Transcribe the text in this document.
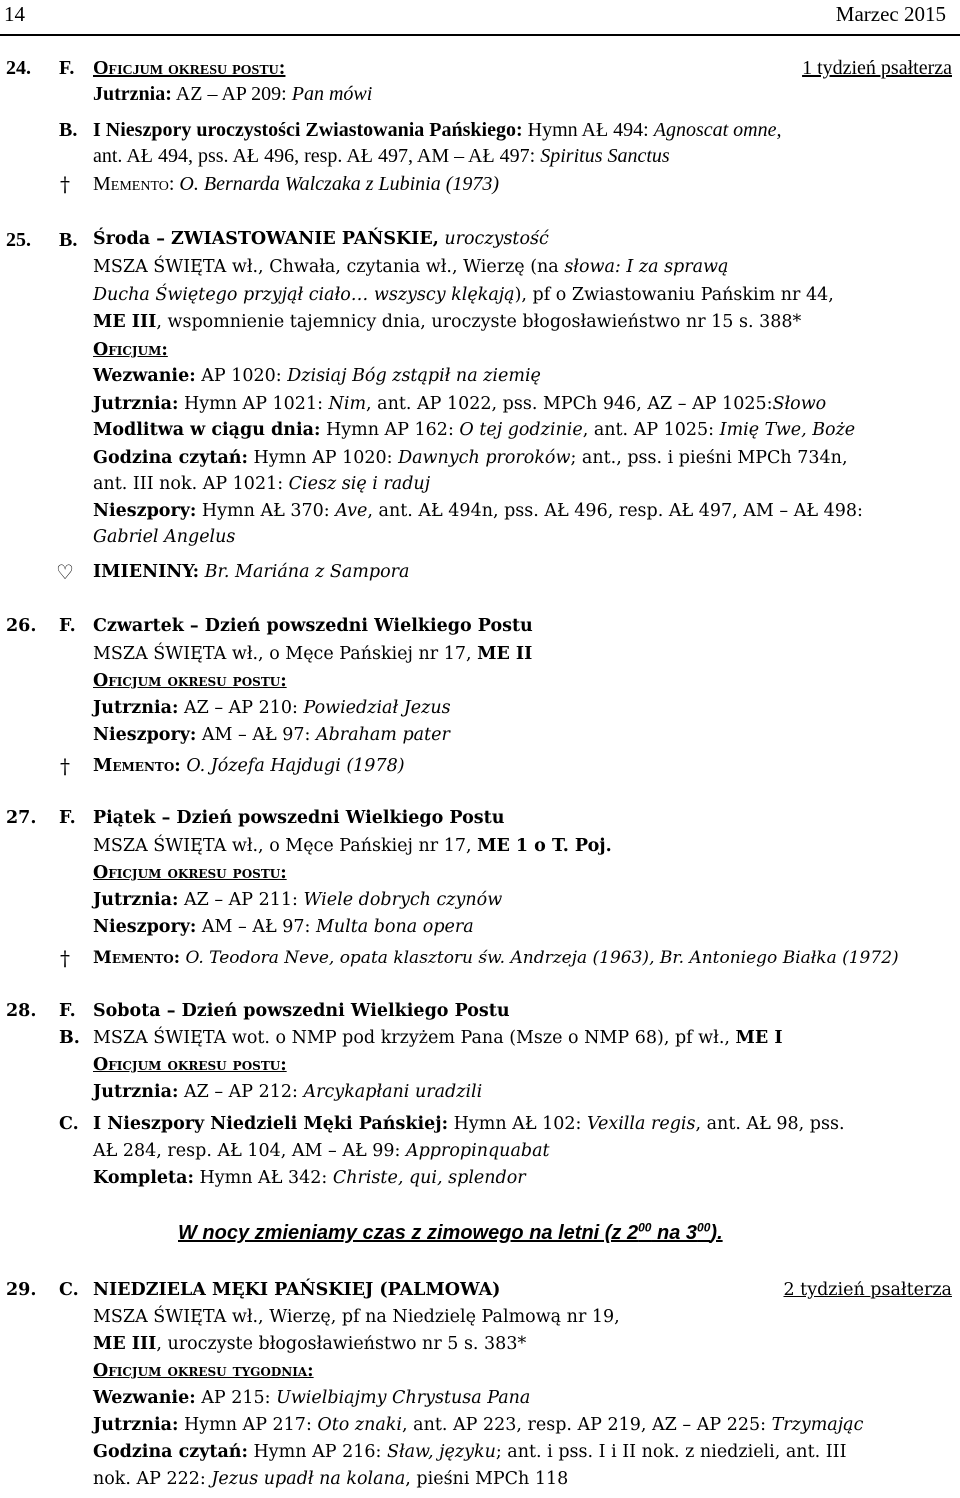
14	Marzec 2015
24. F. Oficjum okresu postu:	1 tydzień psałterza
Jutrznia: AZ – AP 209: Pan mówi
B. I Nieszpory uroczystości Zwiastowania Pańskiego: Hymn AŁ 494: Agnoscat omne,
ant. AŁ 494, pss. AŁ 496, resp. AŁ 497, AM – AŁ 497: Spiritus Sanctus
† Memento: O. Bernarda Walczaka z Lubinia (1973)
25. B. Środa – ZWIASTOWANIE PAŃSKIE, uroczystość
MSZA ŚWIĘTA wł., Chwała, czytania wł., Wierzę (na słowa: I za sprawą
Ducha Świętego przyjął ciało… wszyscy klękają), pf o Zwiastowaniu Pańskim nr 44,
ME III, wspomnienie tajemnicy dnia, uroczyste błogosławieństwo nr 15 s. 388*
Oficjum:
Wezwanie: AP 1020: Dzisiaj Bóg zstąpił na ziemię
Jutrznia: Hymn AP 1021: Nim, ant. AP 1022, pss. MPCh 946, AZ – AP 1025:Słowo
Modlitwa w ciągu dnia: Hymn AP 162: O tej godzinie, ant. AP 1025: Imię Twe, Boże
Godzina czytań: Hymn AP 1020: Dawnych proroków; ant., pss. i pieśni MPCh 734n,
ant. III nok. AP 1021: Ciesz się i raduj
Nieszpory: Hymn AŁ 370: Ave, ant. AŁ 494n, pss. AŁ 496, resp. AŁ 497, AM – AŁ 498:
Gabriel Angelus
♡ IMIENINY: Br. Mariána z Sampora
26. F. Czwartek – Dzień powszedni Wielkiego Postu
MSZA ŚWIĘTA wł., o Męce Pańskiej nr 17, ME II
Oficjum okresu postu:
Jutrznia: AZ – AP 210: Powiedział Jezus
Nieszpory: AM – AŁ 97: Abraham pater
† Memento: O. Józefa Hajdugi (1978)
27. F. Piątek – Dzień powszedni Wielkiego Postu
MSZA ŚWIĘTA wł., o Męce Pańskiej nr 17, ME 1 o T. Poj.
Oficjum okresu postu:
Jutrznia: AZ – AP 211: Wiele dobrych czynów
Nieszpory: AM – AŁ 97: Multa bona opera
† Memento: O. Teodora Neve, opata klasztoru św. Andrzeja (1963), Br. Antoniego Białka (1972)
28. F. Sobota – Dzień powszedni Wielkiego Postu
B. MSZA ŚWIĘTA wot. o NMP pod krzyżem Pana (Msze o NMP 68), pf wł., ME I
Oficjum okresu postu:
Jutrznia: AZ – AP 212: Arcykapłani uradzili
C. I Nieszpory Niedzieli Męki Pańskiej: Hymn AŁ 102: Vexilla regis, ant. AŁ 98, pss.
AŁ 284, resp. AŁ 104, AM – AŁ 99: Appropinquabat
Kompleta: Hymn AŁ 342: Christe, qui, splendor
W nocy zmieniamy czas z zimowego na letni (z $2^{00}$ na $3^{00}$).
29. C. NIEDZIELA MĘKI PAŃSKIEJ (PALMOWA)	2 tydzień psałterza
MSZA ŚWIĘTA wł., Wierzę, pf na Niedzielę Palmową nr 19,
ME III, uroczyste błogosławieństwo nr 5 s. 383*
Oficjum okresu tygodnia:
Wezwanie: AP 215: Uwielbiajmy Chrystusa Pana
Jutrznia: Hymn AP 217: Oto znaki, ant. AP 223, resp. AP 219, AZ – AP 225: Trzymając
Godzina czytań: Hymn AP 216: Sław, języku; ant. i pss. I i II nok. z niedzieli, ant. III
nok. AP 222: Jezus upadł na kolana, pieśni MPCh 118
